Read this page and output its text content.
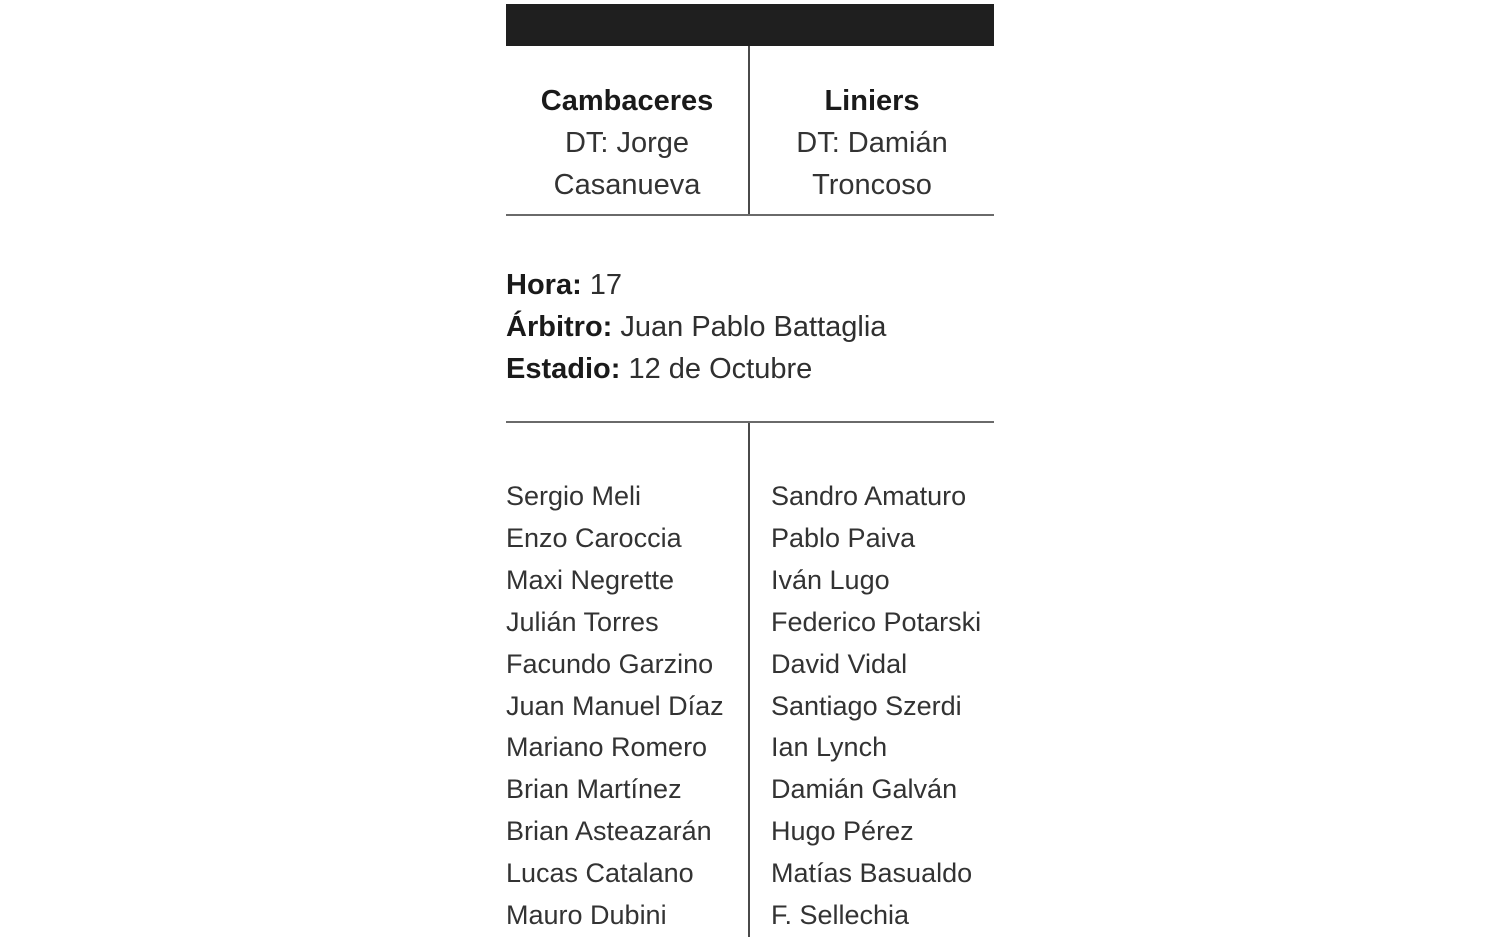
Cambaceres
DT: Jorge
Casanueva
Liniers
DT: Damián
Troncoso
Hora: 17
Árbitro: Juan Pablo Battaglia
Estadio: 12 de Octubre
Sergio Meli
Enzo Caroccia
Maxi Negrette
Julián Torres
Facundo Garzino
Juan Manuel Díaz
Mariano Romero
Brian Martínez
Brian Asteazarán
Lucas Catalano
Mauro Dubini
Sandro Amaturo
Pablo Paiva
Iván Lugo
Federico Potarski
David Vidal
Santiago Szerdi
Ian Lynch
Damián Galván
Hugo Pérez
Matías Basualdo
F. Sellechia
